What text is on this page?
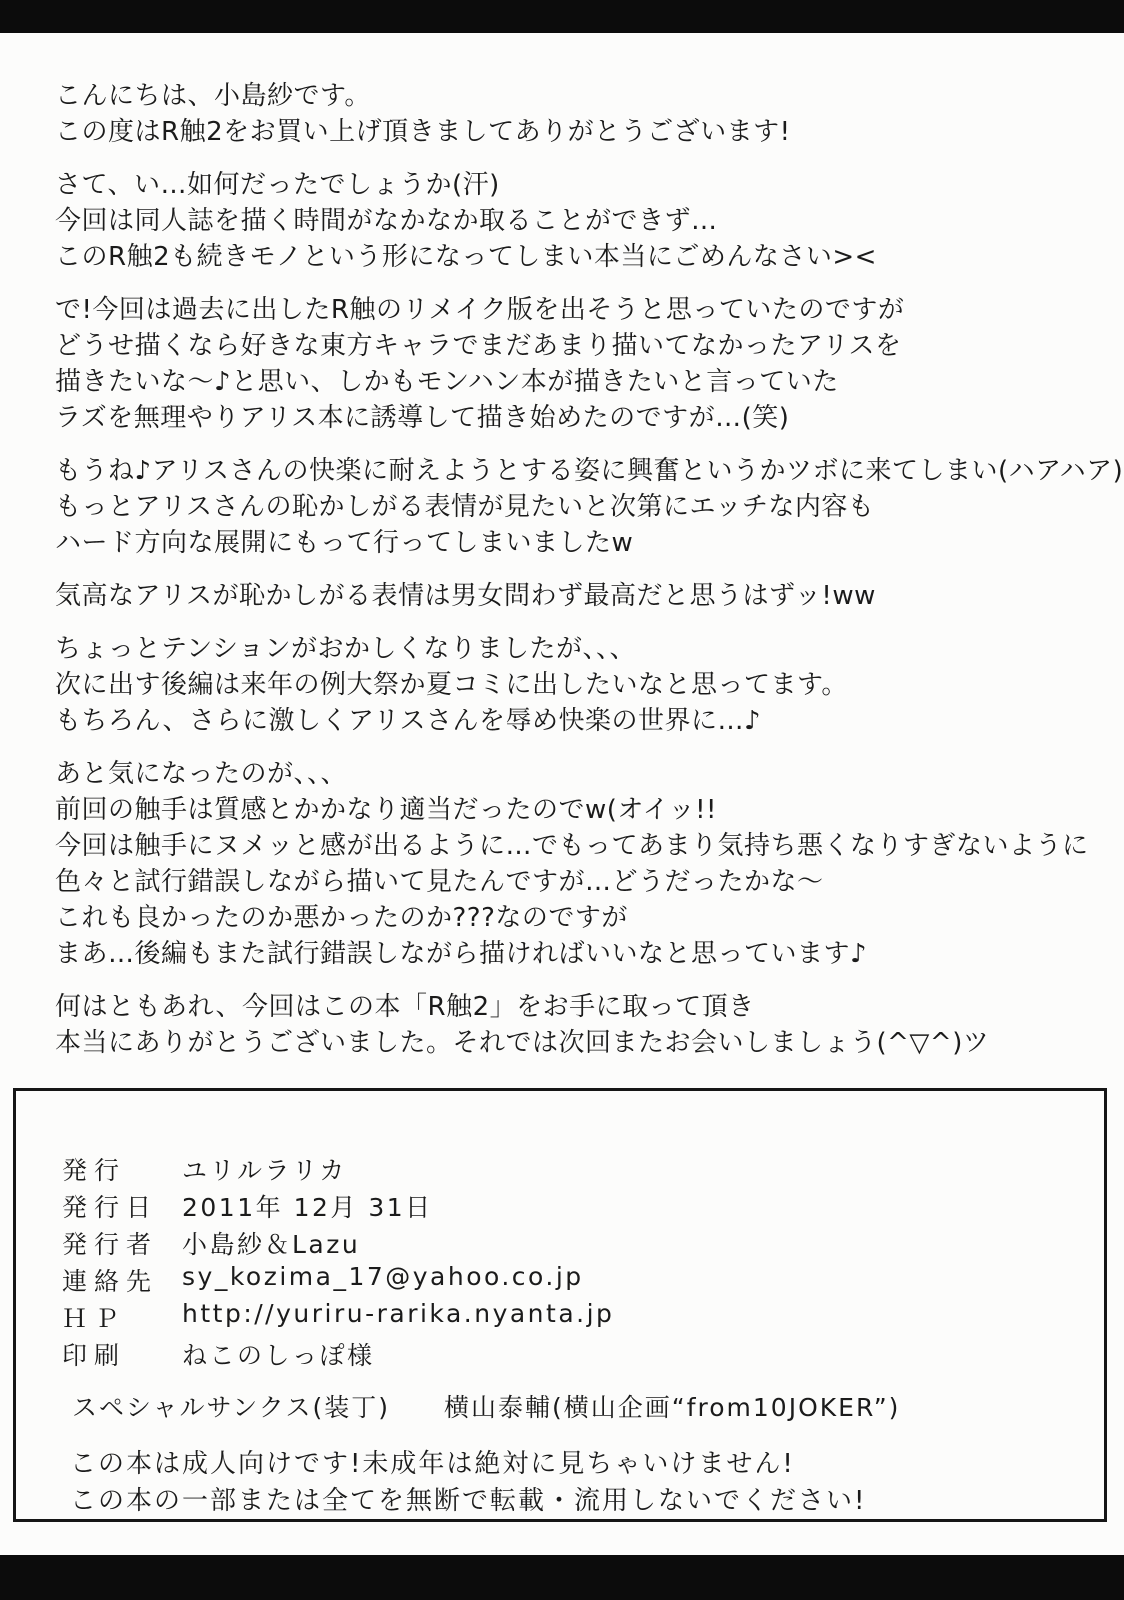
こんにちは、小島紗です。
この度はR触2をお買い上げ頂きましてありがとうございます!

さて、い…如何だったでしょうか(汗)
今回は同人誌を描く時間がなかなか取ることができず…
このR触2も続きモノという形になってしまい本当にごめんなさい><

で!今回は過去に出したR触のリメイク版を出そうと思っていたのですが
どうせ描くなら好きな東方キャラでまだあまり描いてなかったアリスを
描きたいな〜♪と思い、しかもモンハン本が描きたいと言っていた
ラズを無理やりアリス本に誘導して描き始めたのですが…(笑)

もうね♪アリスさんの快楽に耐えようとする姿に興奮というかツボに来てしまい(ハアハア)
もっとアリスさんの恥かしがる表情が見たいと次第にエッチな内容も
ハード方向な展開にもって行ってしまいましたw

気高なアリスが恥かしがる表情は男女問わず最高だと思うはずッ!ww

ちょっとテンションがおかしくなりましたが、、、
次に出す後編は来年の例大祭か夏コミに出したいなと思ってます。
もちろん、さらに激しくアリスさんを辱め快楽の世界に…♪

あと気になったのが、、、
前回の触手は質感とかかなり適当だったのでw(オイッ!!
今回は触手にヌメッと感が出るように…でもってあまり気持ち悪くなりすぎないように
色々と試行錯誤しながら描いて見たんですが…どうだったかな〜
これも良かったのか悪かったのか???なのですが
まあ…後編もまた試行錯誤しながら描ければいいなと思っています♪

何はともあれ、今回はこの本「R触2」をお手に取って頂き
本当にありがとうございました。それでは次回またお会いしましょう(^▽^)ツ

発行	ユリルラリカ
発行日 2011年 12月 31日
発行者 小島紗＆Lazu
連絡先 sy_kozima_17@yahoo.co.jp
ＨＰ	http://yuriru-rarika.nyanta.jp
印刷	ねこのしっぽ様
スペシャルサンクス(装丁)　　横山泰輔(横山企画“from10JOKER”)
この本は成人向けです!未成年は絶対に見ちゃいけません!
この本の一部または全てを無断で転載・流用しないでください!
